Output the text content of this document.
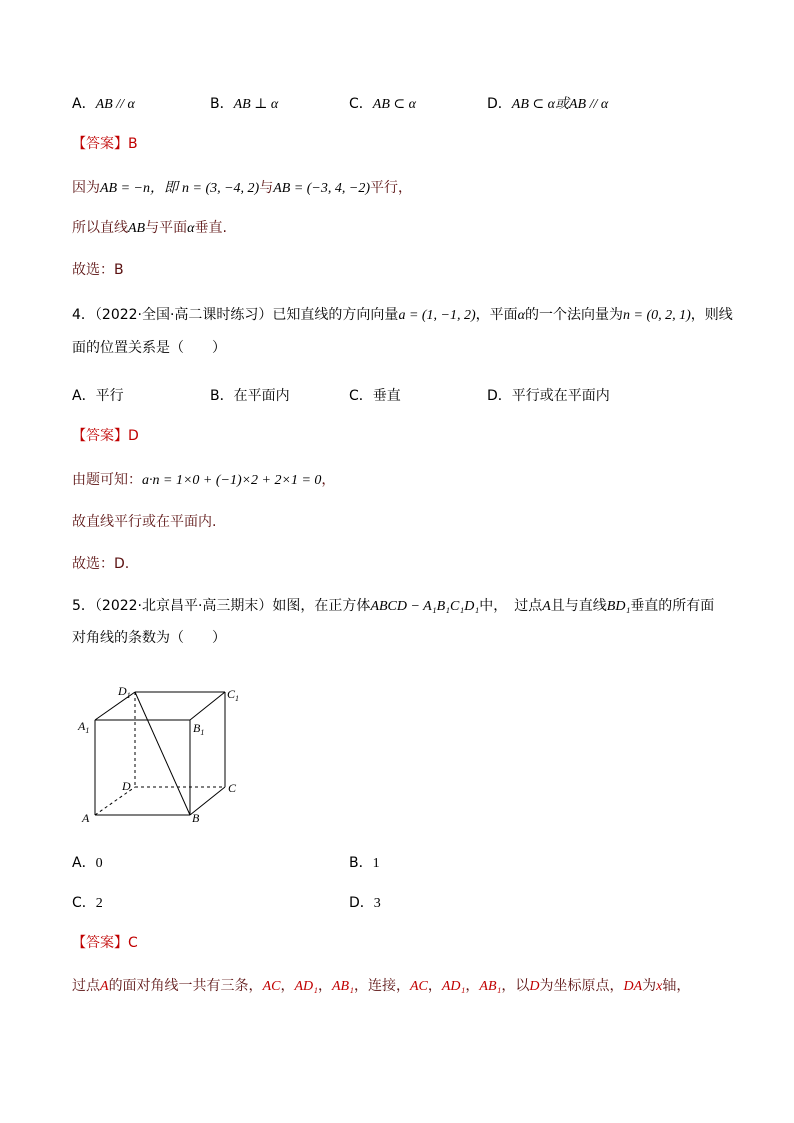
A．AB // α	B．AB ⊥ α	C．AB ⊂ α	D．AB ⊂ α或AB // α
【答案】B
因为AB = −n，即 n = (3, −4, 2)与AB = (−3, 4, −2)平行，
所以直线AB与平面α垂直.
故选：B
4．（2022·全国·高二课时练习）已知直线的方向向量a = (1, −1, 2)，平面α的一个法向量为n = (0, 2, 1)，则线
面的位置关系是（　　）
A．平行	B．在平面内	C．垂直	D．平行或在平面内
【答案】D
由题可知：a·n = 1×0 + (−1)×2 + 2×1 = 0，
故直线平行或在平面内.
故选：D.
5．（2022·北京昌平·高三期末）如图，在正方体ABCD − A₁B₁C₁D₁中，　过点A且与直线BD₁垂直的所有面
对角线的条数为（　　）
$D_1$	$C_1$
$A_1$	$B_1$
D	C
A	B
A．0	B．1
C．2	D．3
【答案】C
过点A的面对角线一共有三条，AC，AD₁，AB₁，连接，AC，AD₁，AB₁，以D为坐标原点，DA为x轴，
